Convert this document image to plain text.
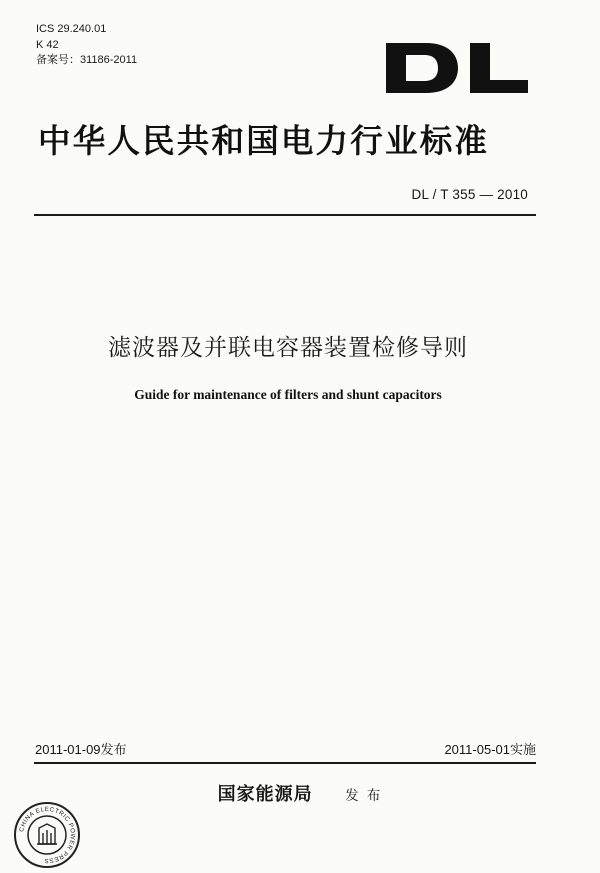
ICS 29.240.01
K 42
备案号：31186-2011
中华人民共和国电力行业标准
DL / T 355 — 2010
滤波器及并联电容器装置检修导则
Guide for maintenance of filters and shunt capacitors
2011-01-09发布	2011-05-01实施
国家能源局 发 布
CHINA ELECTRIC POWER PRESS
